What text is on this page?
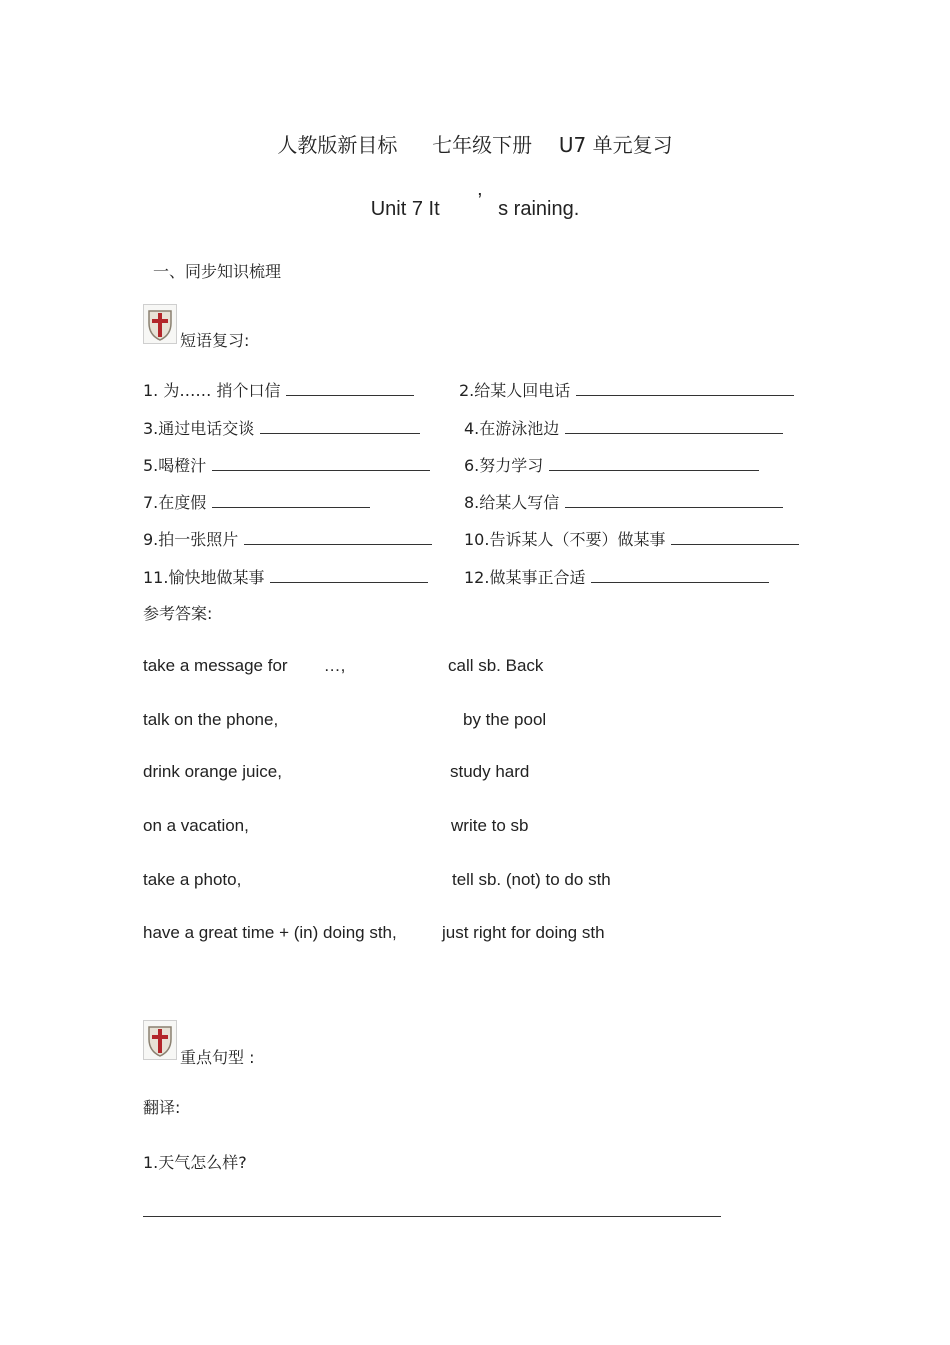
人教版新目标 七年级下册 U7 单元复习
Unit 7 It ’ s raining.
一、同步知识梳理
短语复习:
1. 为…… 捎个口信	2.给某人回电话
3.通过电话交谈	4.在游泳池边
5.喝橙汁	6.努力学习
7.在度假	8.给某人写信
9.拍一张照片	10.告诉某人（不要）做某事
11.愉快地做某事	12.做某事正合适
参考答案:
take a message for …,	call sb. Back
talk on the phone,	by the pool
drink orange juice,	study hard
on a vacation,	write to sb
take a photo,	tell sb. (not) to do sth
have a great time + (in) doing sth,	just right for doing sth
重点句型 :
翻译:
1.天气怎么样?
